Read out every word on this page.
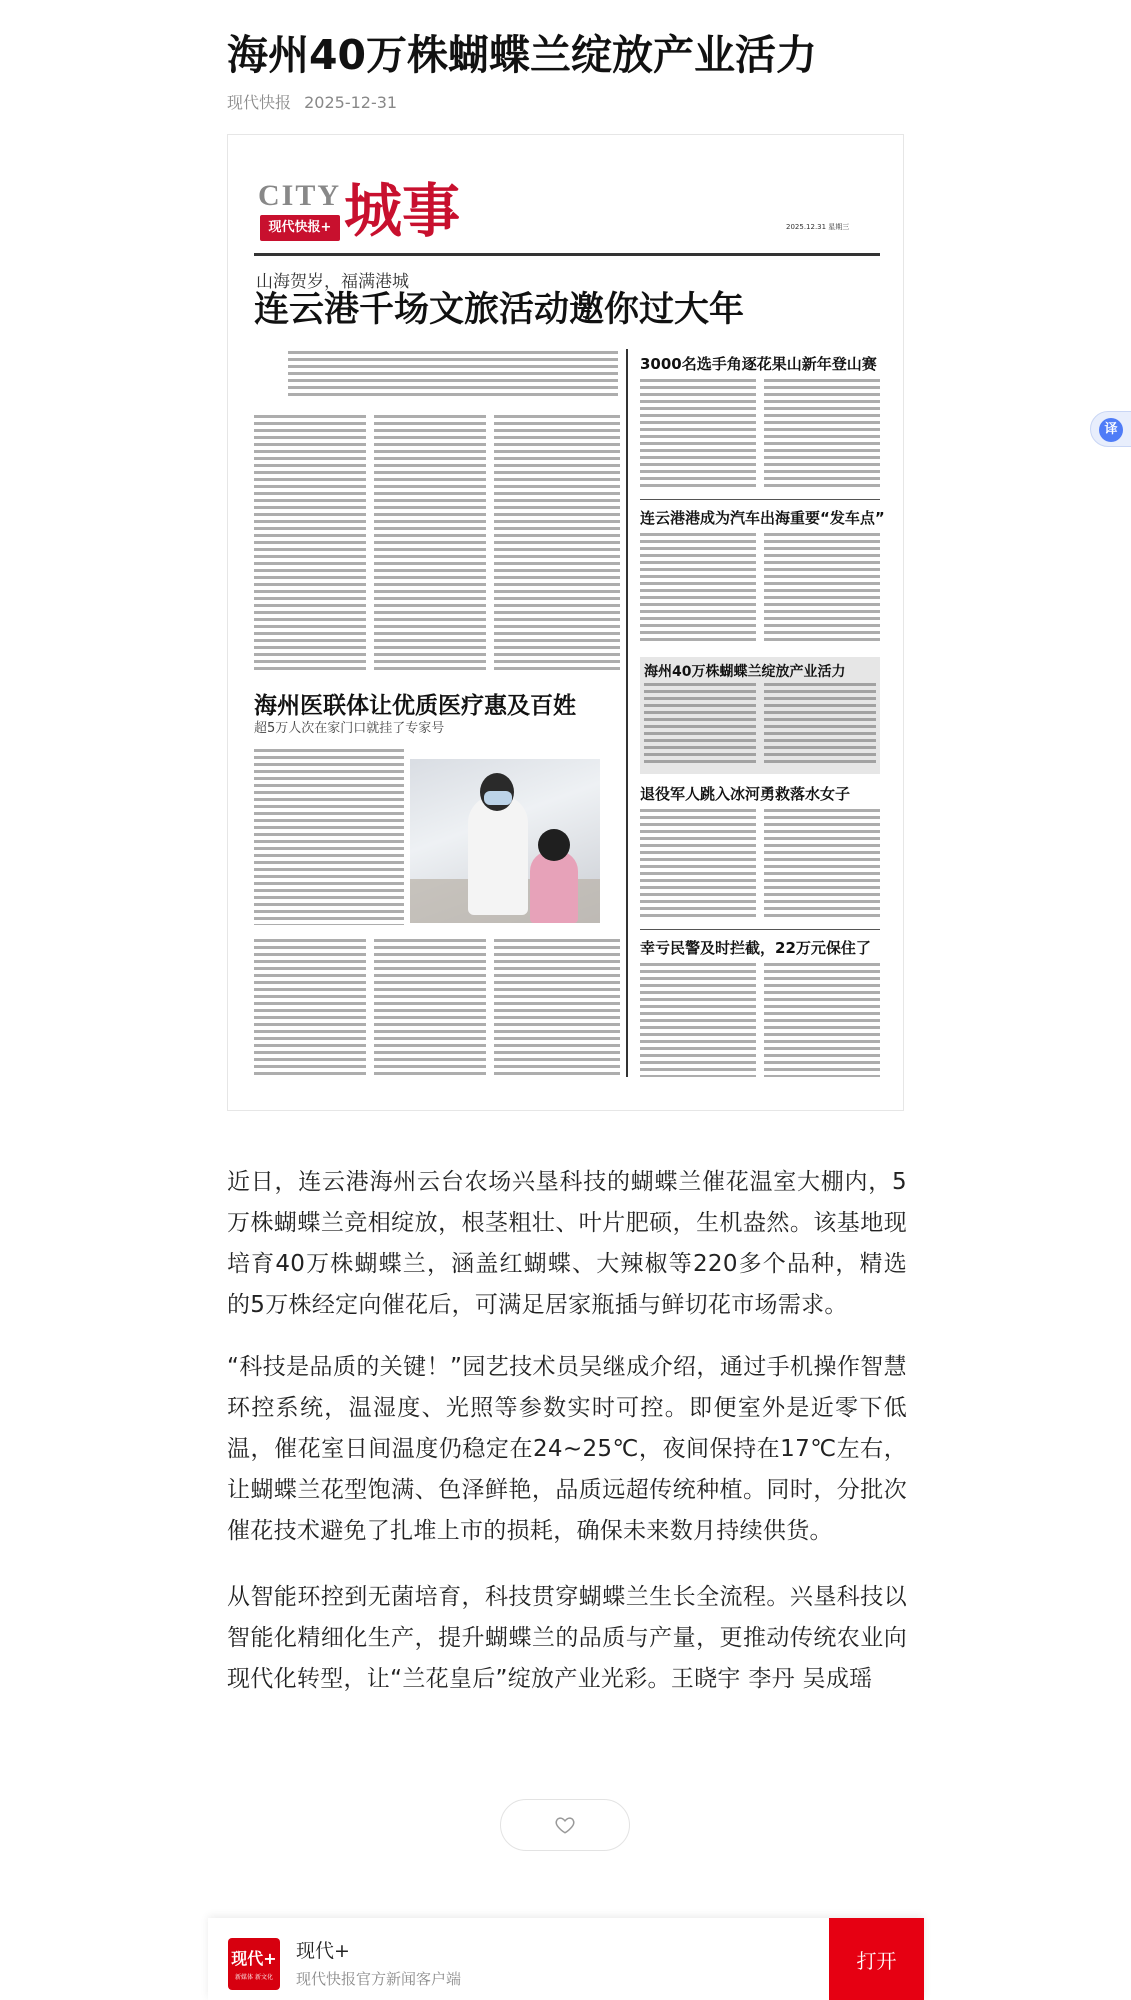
海州40万株蝴蝶兰绽放产业活力
现代快报 2025-12-31
CITY
现代快报+ 城事	2025.12.31 星期三
山海贺岁，福满港城
连云港千场文旅活动邀你过大年
海州医联体让优质医疗惠及百姓
超5万人次在家门口就挂了专家号
3000名选手角逐花果山新年登山赛
连云港港成为汽车出海重要“发车点”
海州40万株蝴蝶兰绽放产业活力
退役军人跳入冰河勇救落水女子
幸亏民警及时拦截，22万元保住了

近日，连云港海州云台农场兴垦科技的蝴蝶兰催花温室大棚内，5万株蝴蝶兰竞相绽放，根茎粗壮、叶片肥硕，生机盎然。该基地现培育40万株蝴蝶兰，涵盖红蝴蝶、大辣椒等220多个品种，精选的5万株经定向催花后，可满足居家瓶插与鲜切花市场需求。

“科技是品质的关键！”园艺技术员吴继成介绍，通过手机操作智慧环控系统，温湿度、光照等参数实时可控。即便室外是近零下低温，催花室日间温度仍稳定在24~25℃，夜间保持在17℃左右，让蝴蝶兰花型饱满、色泽鲜艳，品质远超传统种植。同时，分批次催花技术避免了扎堆上市的损耗，确保未来数月持续供货。

从智能环控到无菌培育，科技贯穿蝴蝶兰生长全流程。兴垦科技以智能化精细化生产，提升蝴蝶兰的品质与产量，更推动传统农业向现代化转型，让“兰花皇后”绽放产业光彩。王晓宇 李丹 吴成瑶

现代+
新媒体 新文化
现代+
现代快报官方新闻客户端
打开
译
